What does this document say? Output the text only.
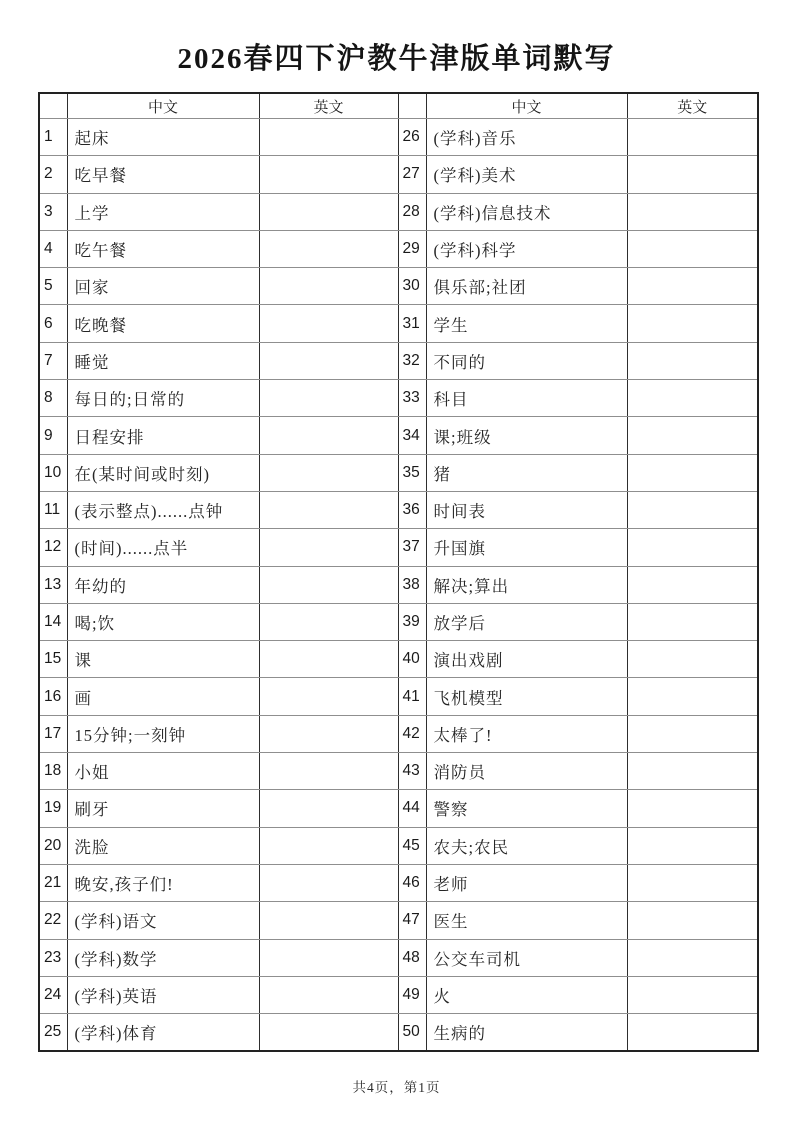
2026春四下沪教牛津版单词默写
	中文	英文		中文	英文
1	起床		26	(学科)音乐	
2	吃早餐		27	(学科)美术	
3	上学		28	(学科)信息技术	
4	吃午餐		29	(学科)科学	
5	回家		30	俱乐部;社团	
6	吃晚餐		31	学生	
7	睡觉		32	不同的	
8	每日的;日常的		33	科目	
9	日程安排		34	课;班级	
10	在(某时间或时刻)		35	猪	
11	(表示整点)......点钟		36	时间表	
12	(时间)......点半		37	升国旗	
13	年幼的		38	解决;算出	
14	喝;饮		39	放学后	
15	课		40	演出戏剧	
16	画		41	飞机模型	
17	15分钟;一刻钟		42	太棒了!	
18	小姐		43	消防员	
19	刷牙		44	警察	
20	洗脸		45	农夫;农民	
21	晚安,孩子们!		46	老师	
22	(学科)语文		47	医生	
23	(学科)数学		48	公交车司机	
24	(学科)英语		49	火	
25	(学科)体育		50	生病的	
共4页，第1页
